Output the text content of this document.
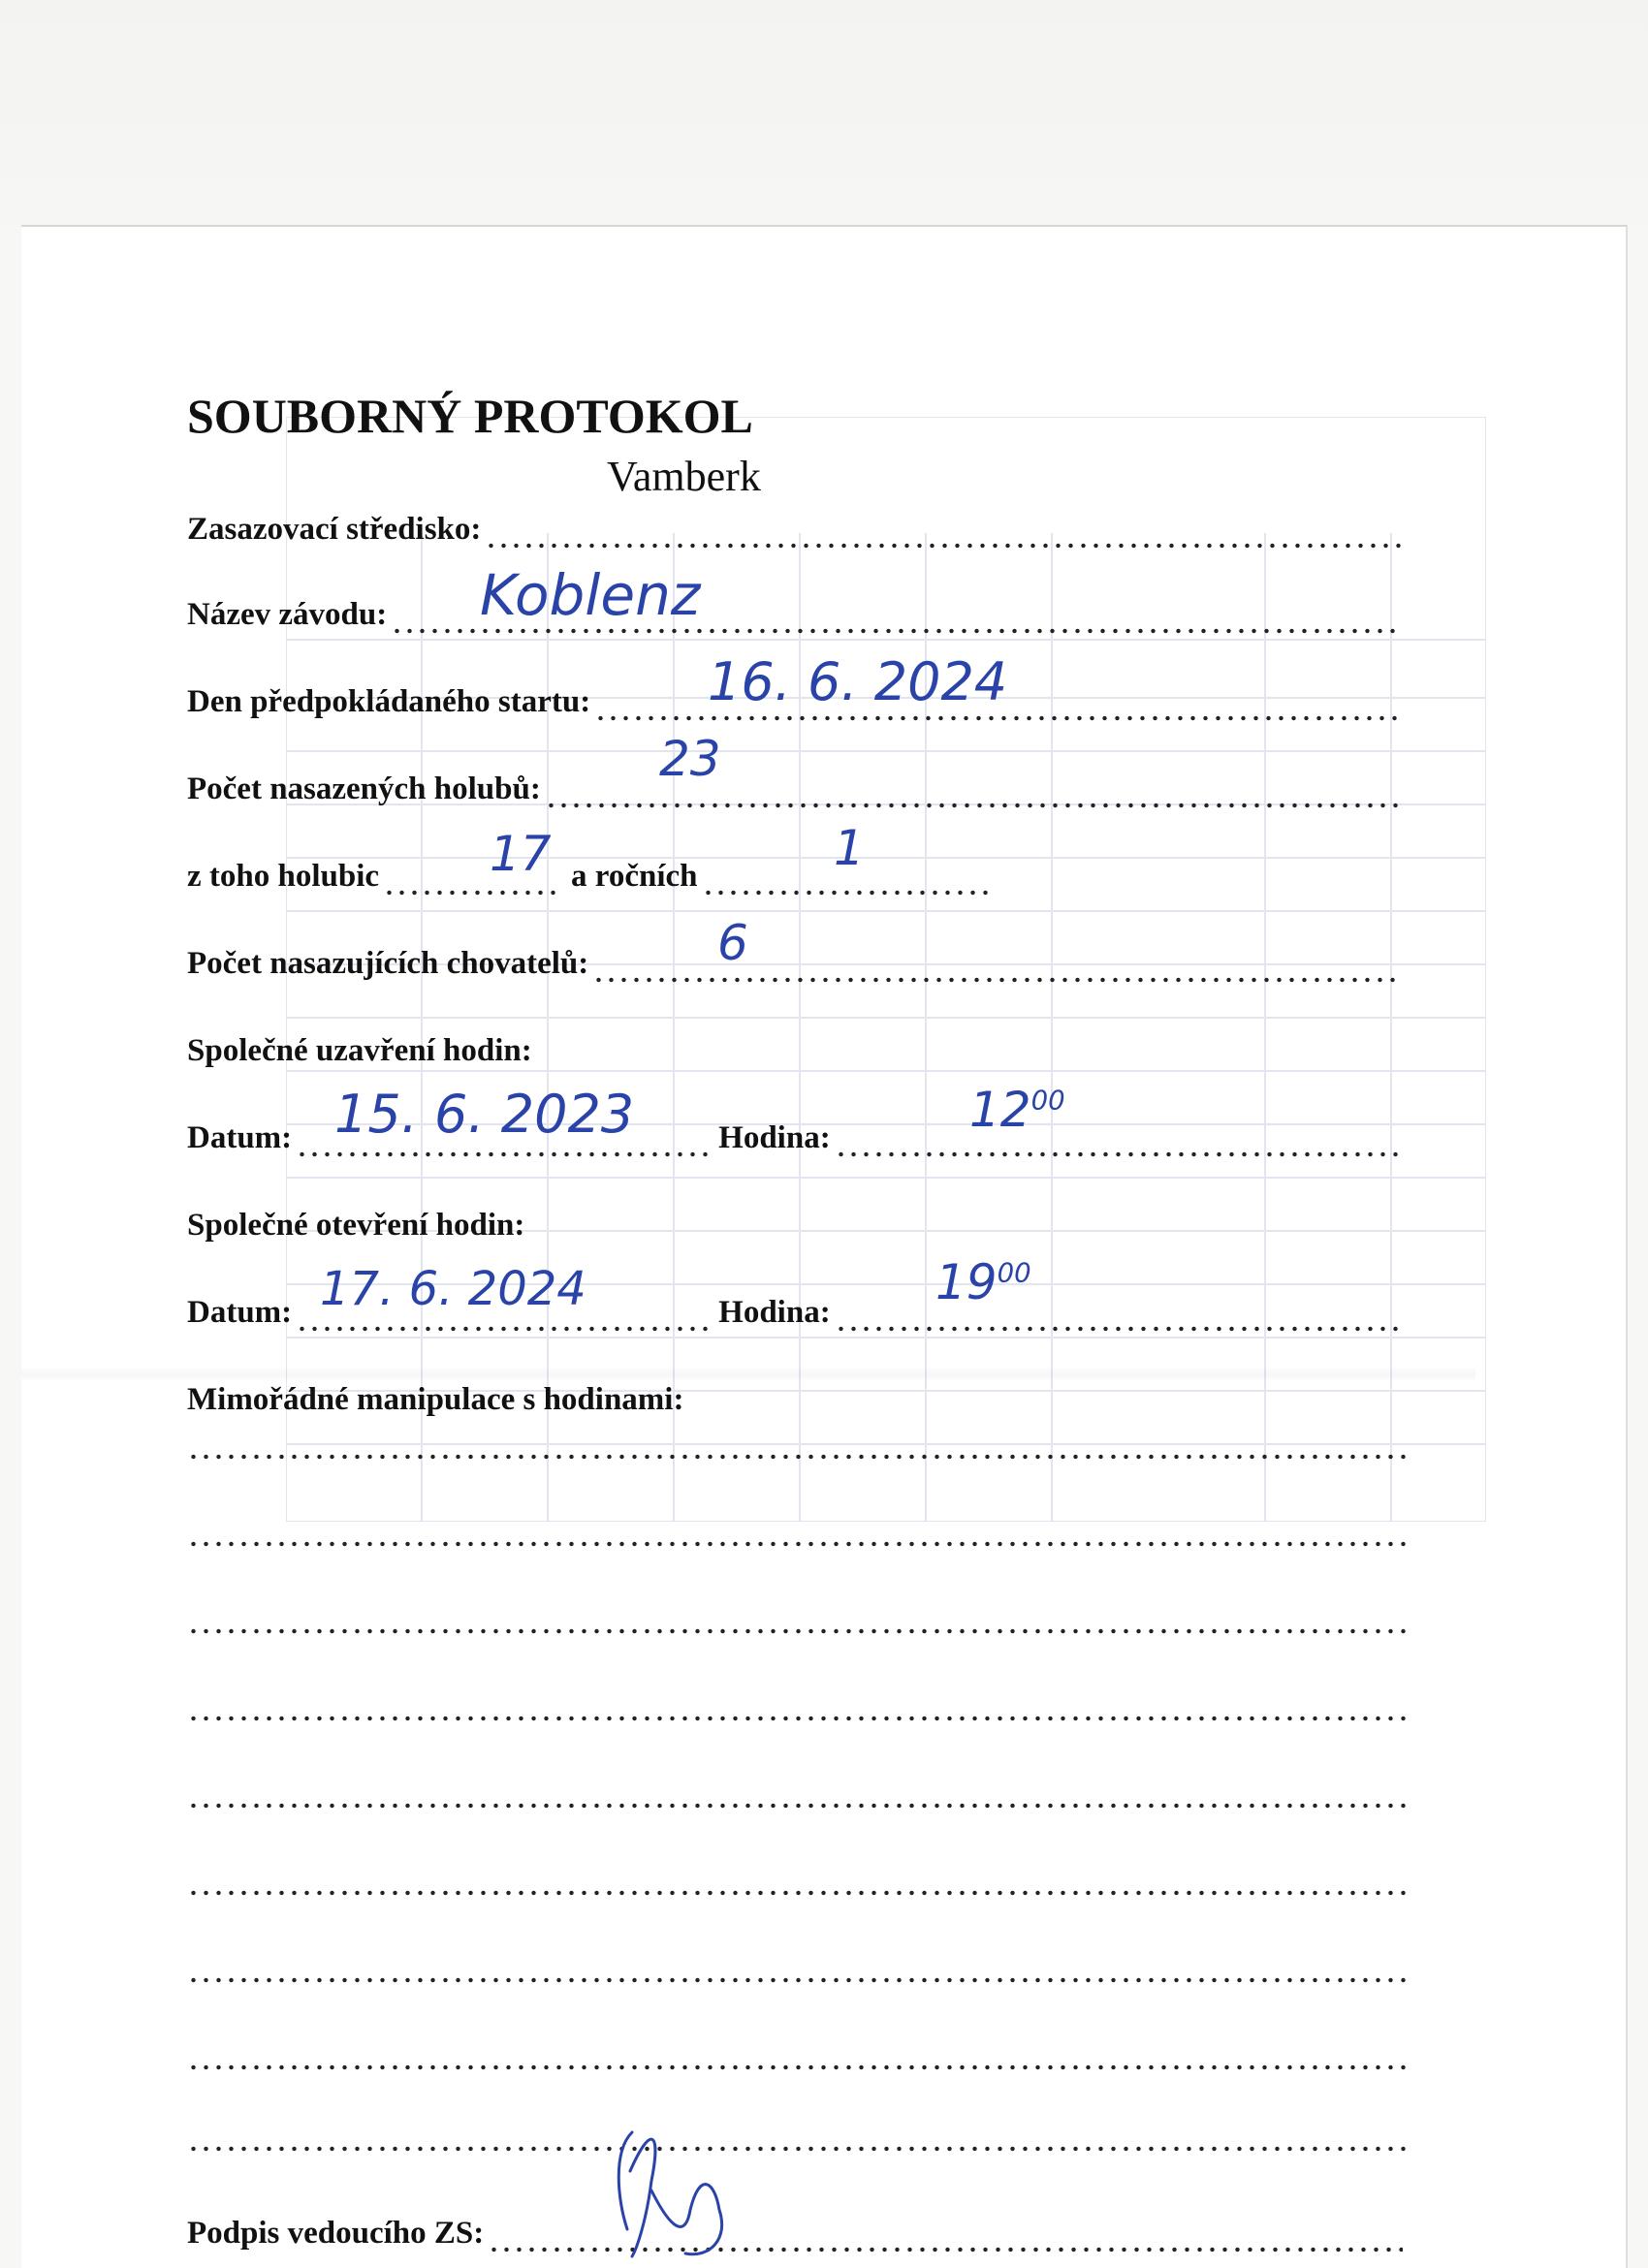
SOUBORNÝ PROTOKOL
Vamberk
Zasazovací středisko:
Název závodu: Koblenz
Den předpokládaného startu: 16. 6. 2024
Počet nasazených holubů:
23
z toho holubic	a ročních
17	1
Počet nasazujících chovatelů:	6
Společné uzavření hodin:
Datum:	Hodina:
15. 6. 2023	$12^{00}$
Společné otevření hodin:
Datum:	Hodina:
17. 6. 2024	$19^{00}$
Mimořádné manipulace s hodinami:
Podpis vedoucího ZS:
